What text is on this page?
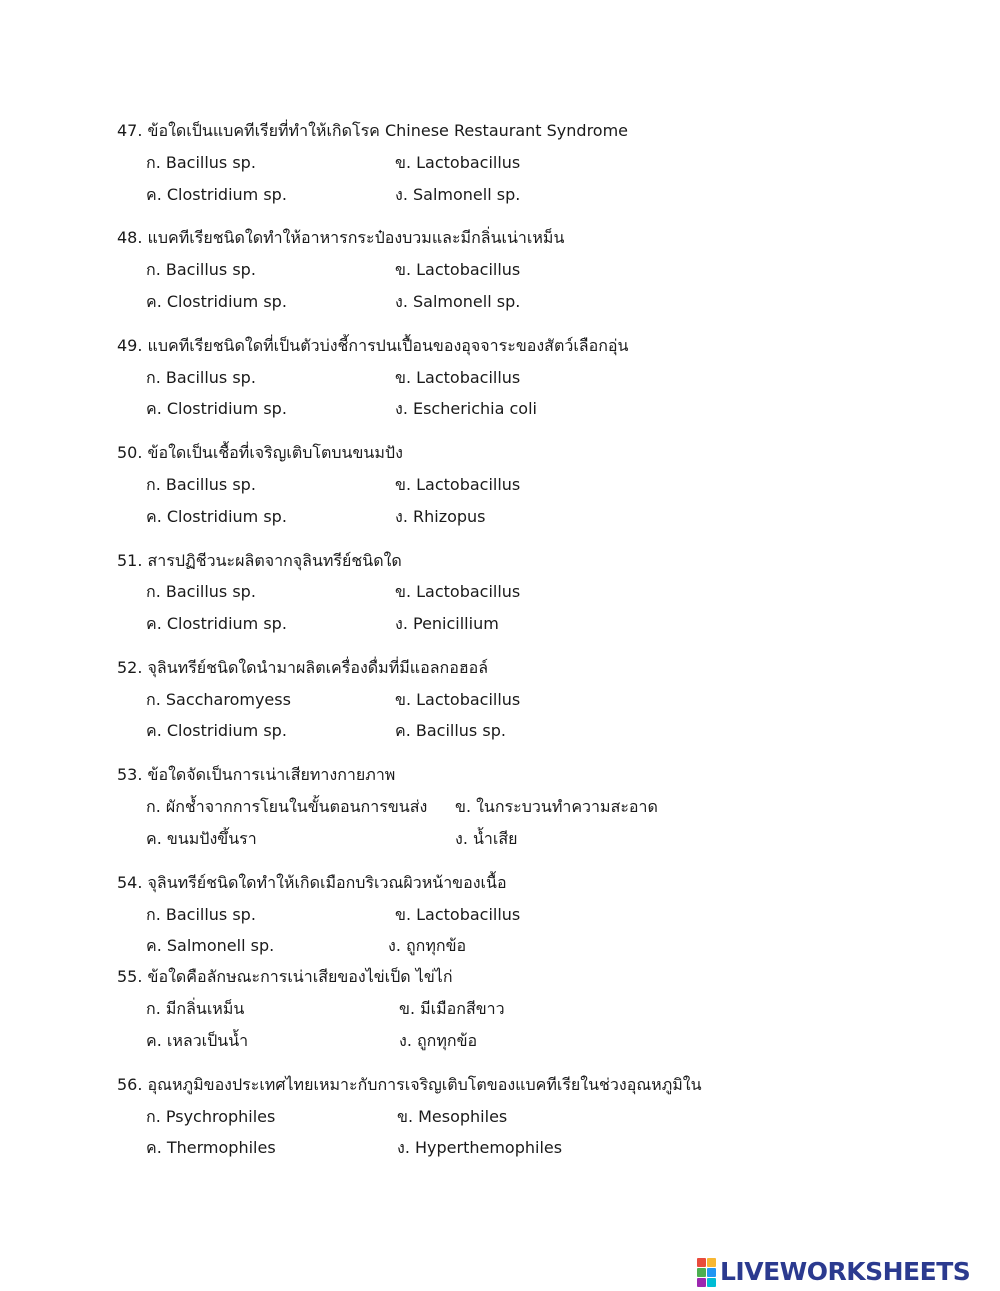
47. ข้อใดเป็นแบคทีเรียที่ทำให้เกิดโรค Chinese Restaurant Syndrome
ก. Bacillus sp.	ข. Lactobacillus
ค. Clostridium sp.	ง. Salmonell sp.
48. แบคทีเรียชนิดใดทำให้อาหารกระป๋องบวมและมีกลิ่นเน่าเหม็น
ก. Bacillus sp.	ข. Lactobacillus
ค. Clostridium sp.	ง. Salmonell sp.
49. แบคทีเรียชนิดใดที่เป็นตัวบ่งชี้การปนเปื้อนของอุจจาระของสัตว์เลือกอุ่น
ก. Bacillus sp.	ข. Lactobacillus
ค. Clostridium sp.	ง. Escherichia coli
50. ข้อใดเป็นเชื้อที่เจริญเติบโตบนขนมปัง
ก. Bacillus sp.	ข. Lactobacillus
ค. Clostridium sp.	ง. Rhizopus
51. สารปฏิชีวนะผลิตจากจุลินทรีย์ชนิดใด
ก. Bacillus sp.	ข. Lactobacillus
ค. Clostridium sp.	ง. Penicillium
52. จุลินทรีย์ชนิดใดนำมาผลิตเครื่องดื่มที่มีแอลกอฮอล์
ก. Saccharomyess	ข. Lactobacillus
ค. Clostridium sp.	ค. Bacillus sp.
53. ข้อใดจัดเป็นการเน่าเสียทางกายภาพ
ก. ผักช้ำจากการโยนในขั้นตอนการขนส่ง ข. ในกระบวนทำความสะอาด
ค. ขนมปังขึ้นรา	ง. น้ำเสีย
54. จุลินทรีย์ชนิดใดทำให้เกิดเมือกบริเวณผิวหน้าของเนื้อ
ก. Bacillus sp.	ข. Lactobacillus
ค. Salmonell sp.	ง. ถูกทุกข้อ
55. ข้อใดคือลักษณะการเน่าเสียของไข่เป็ด ไข่ไก่
ก. มีกลิ่นเหม็น	ข. มีเมือกสีขาว
ค. เหลวเป็นน้ำ	ง. ถูกทุกข้อ
56. อุณหภูมิของประเทศไทยเหมาะกับการเจริญเติบโตของแบคทีเรียในช่วงอุณหภูมิใน
ก. Psychrophiles	ข. Mesophiles
ค. Thermophiles	ง. Hyperthemophiles
LIVEWORKSHEETS
